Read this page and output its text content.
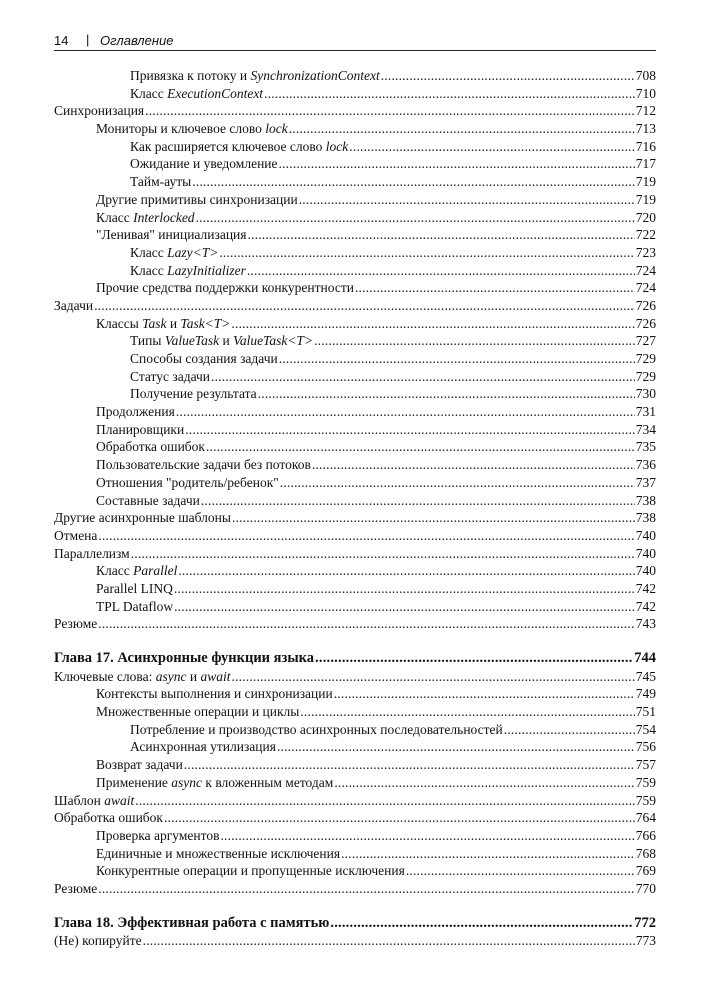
14 | Оглавление
Привязка к потоку и SynchronizationContext .....	708
Класс ExecutionContext .....	710
Синхронизация .....	712
Мониторы и ключевое слово lock .....	713
Как расширяется ключевое слово lock .....	716
Ожидание и уведомление .....	717
Тайм-ауты .....	719
Другие примитивы синхронизации .....	719
Класс Interlocked .....	720
"Ленивая" инициализация .....	722
Класс Lazy<T> .....	723
Класс LazyInitializer .....	724
Прочие средства поддержки конкурентности .....	724
Задачи .....	726
Классы Task и Task<T> .....	726
Типы ValueTask и ValueTask<T> .....	727
Способы создания задачи .....	729
Статус задачи .....	729
Получение результата .....	730
Продолжения .....	731
Планировщики .....	734
Обработка ошибок .....	735
Пользовательские задачи без потоков .....	736
Отношения "родитель/ребенок" .....	737
Составные задачи .....	738
Другие асинхронные шаблоны .....	738
Отмена .....	740
Параллелизм .....	740
Класс Parallel .....	740
Parallel LINQ .....	742
TPL Dataflow .....	742
Резюме .....	743
Глава 17. Асинхронные функции языка .....	744
Ключевые слова: async и await .....	745
Контексты выполнения и синхронизации .....	749
Множественные операции и циклы .....	751
Потребление и производство асинхронных последовательностей .....	754
Асинхронная утилизация .....	756
Возврат задачи .....	757
Применение async к вложенным методам .....	759
Шаблон await .....	759
Обработка ошибок .....	764
Проверка аргументов .....	766
Единичные и множественные исключения .....	768
Конкурентные операции и пропущенные исключения .....	769
Резюме .....	770
Глава 18. Эффективная работа с памятью .....	772
(Не) копируйте .....	773
